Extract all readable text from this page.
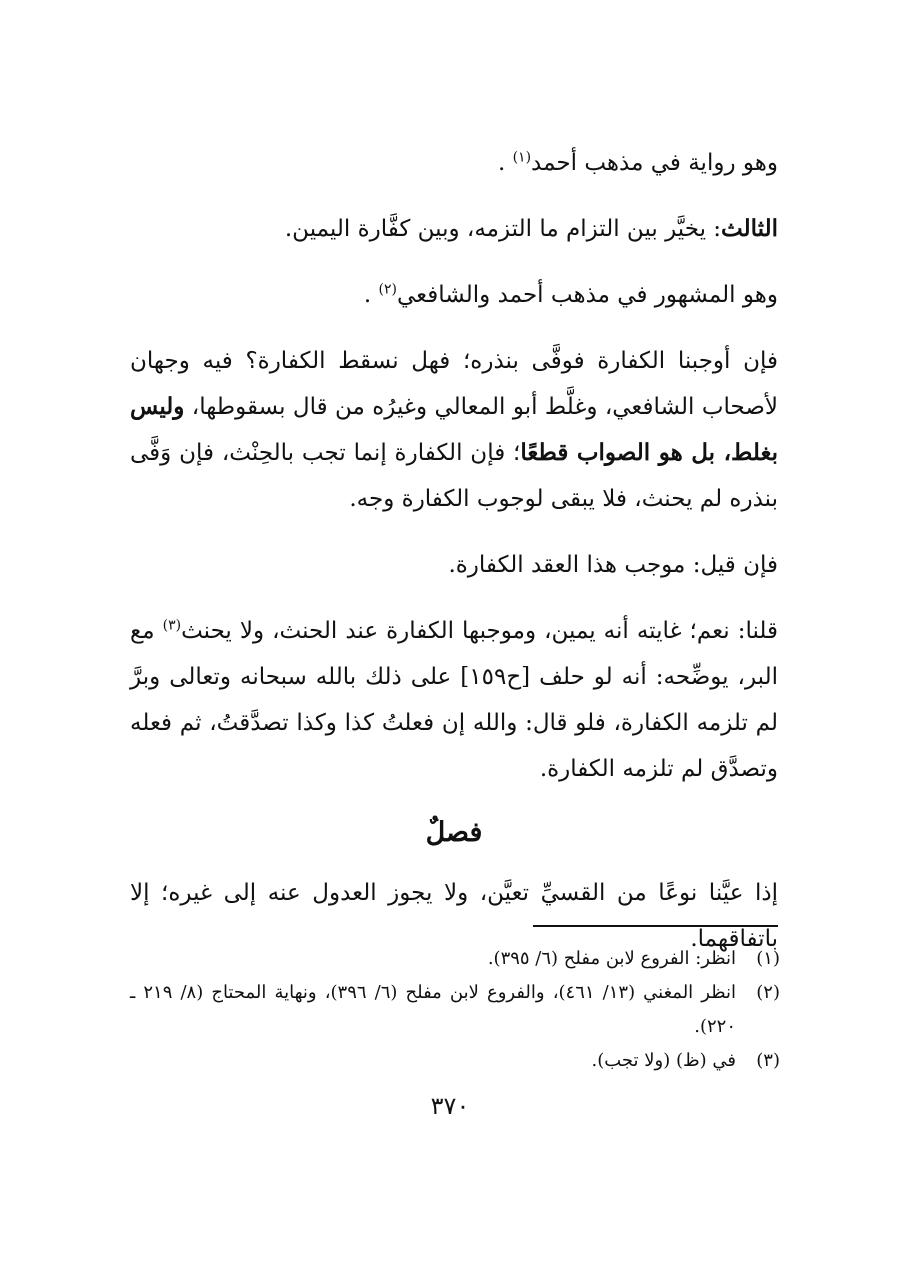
وهو رواية في مذهب أحمد$^{(١)}$ .

الثالث: يخيَّر بين التزام ما التزمه، وبين كفَّارة اليمين.

وهو المشهور في مذهب أحمد والشافعي$^{(٢)}$ .

فإن أوجبنا الكفارة فوفَّى بنذره؛ فهل نسقط الكفارة؟ فيه وجهان لأصحاب الشافعي، وغلَّط أبو المعالي وغيرُه من قال بسقوطها، وليس بغلط، بل هو الصواب قطعًا؛ فإن الكفارة إنما تجب بالحِنْث، فإن وَفَّى بنذره لم يحنث، فلا يبقى لوجوب الكفارة وجه.

فإن قيل: موجب هذا العقد الكفارة.

قلنا: نعم؛ غايته أنه يمين، وموجبها الكفارة عند الحنث، ولا يحنث$^{(٣)}$ مع البر، يوضِّحه: أنه لو حلف [ح١٥٩] على ذلك بالله سبحانه وتعالى وبرَّ لم تلزمه الكفارة، فلو قال: والله إن فعلتُ كذا وكذا تصدَّقتُ، ثم فعله وتصدَّق لم تلزمه الكفارة.

فصلٌ

إذا عيَّنا نوعًا من القسيِّ تعيَّن، ولا يجوز العدول عنه إلى غيره؛ إلا باتفاقهما.

(١)
انظر: الفروع لابن مفلح (٦/ ٣٩٥).

(٢)
انظر المغني (١٣/ ٤٦١)، والفروع لابن مفلح (٦/ ٣٩٦)، ونهاية المحتاج (٨/ ٢١٩ ـ ٢٢٠).

(٣)
في (ظ) (ولا تجب).

٣٧٠
